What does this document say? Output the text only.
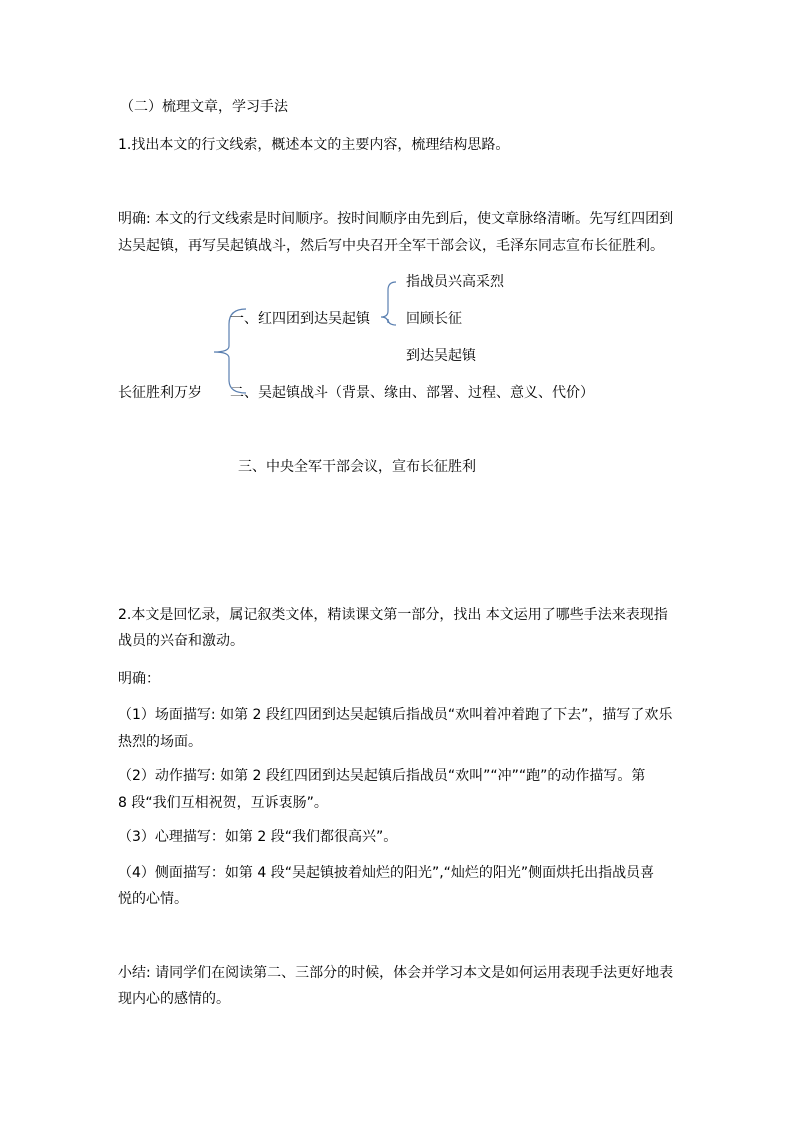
（二）梳理文章，学习手法
1.找出本文的行文线索，概述本文的主要内容，梳理结构思路。
明确: 本文的行文线索是时间顺序。按时间顺序由先到后，使文章脉络清晰。先写红四团到
达吴起镇，再写吴起镇战斗，然后写中央召开全军干部会议，毛泽东同志宣布长征胜利。
长征胜利万岁
一、红四团到达吴起镇
指战员兴高采烈
回顾长征
到达吴起镇
二、吴起镇战斗（背景、缘由、部署、过程、意义、代价）
三、中央全军干部会议，宣布长征胜利
2.本文是回忆录，属记叙类文体，精读课文第一部分，找出 本文运用了哪些手法来表现指
战员的兴奋和激动。
明确：
（1）场面描写: 如第 2 段红四团到达吴起镇后指战员“欢叫着冲着跑了下去”，描写了欢乐
热烈的场面。
（2）动作描写: 如第 2 段红四团到达吴起镇后指战员“欢叫”“冲”“跑”的动作描写。第
8 段“我们互相祝贺，互诉衷肠”。
（3）心理描写：如第 2 段“我们都很高兴”。
（4）侧面描写：如第 4 段“吴起镇披着灿烂的阳光”,“灿烂的阳光”侧面烘托出指战员喜
悦的心情。
小结: 请同学们在阅读第二、三部分的时候，体会并学习本文是如何运用表现手法更好地表
现内心的感情的。
